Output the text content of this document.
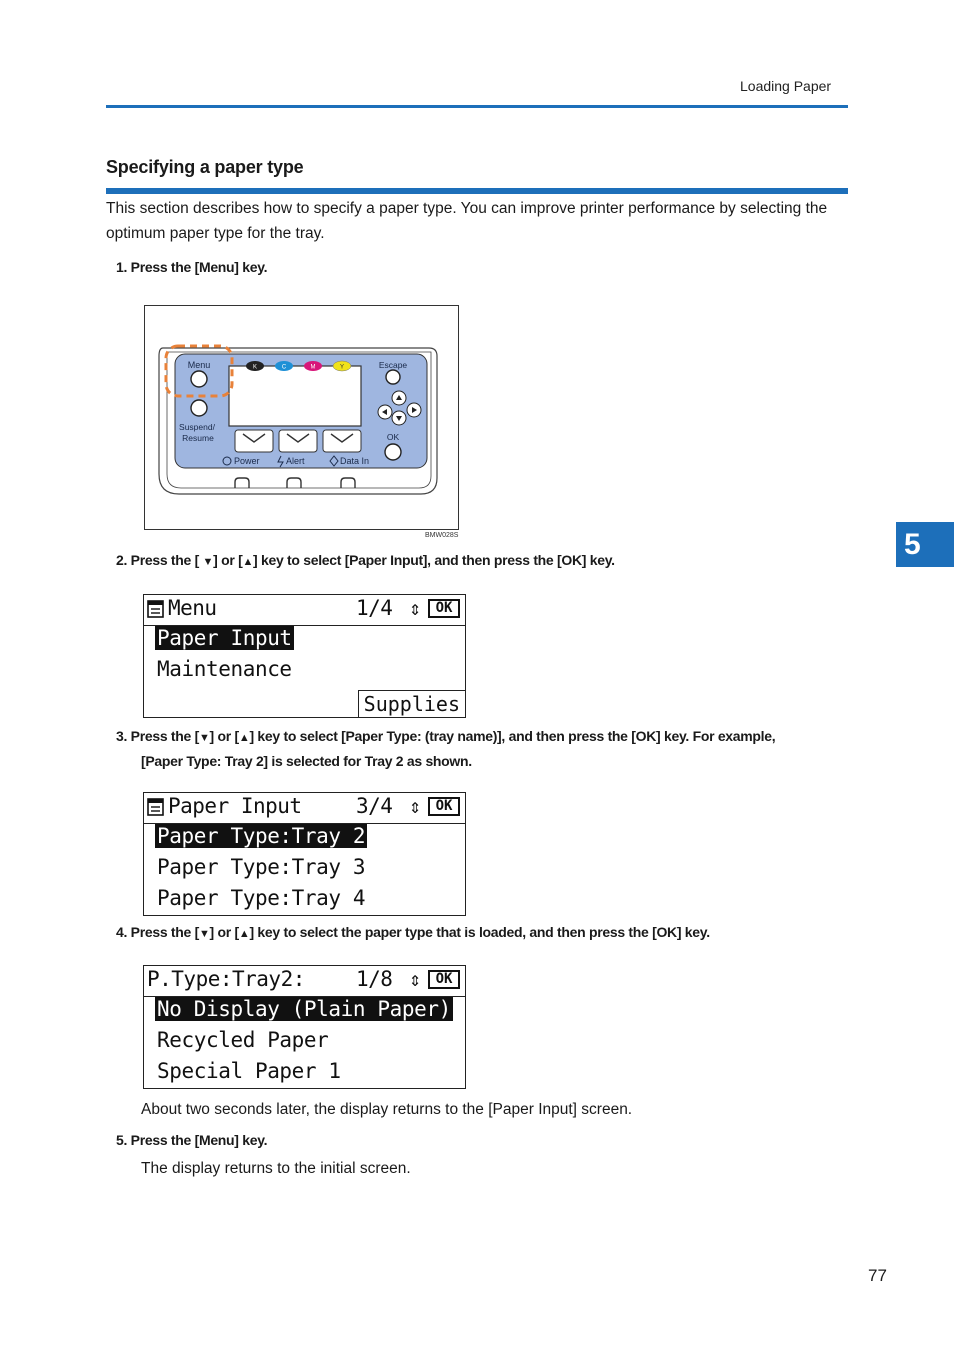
Loading Paper
Specifying a paper type
This section describes how to specify a paper type. You can improve printer performance by selecting the optimum paper type for the tray.
1. Press the [Menu] key.
K	C	M	Y
Menu
Suspend/
Resume
Escape
OK
Power	Alert	Data In
BMW028S
2. Press the [ ▼] or [▲] key to select [Paper Input], and then press the [OK] key.
Menu	1/4 ⇕	OK
Paper Input
Maintenance
Supplies
3. Press the [▼] or [▲] key to select [Paper Type: (tray name)], and then press the [OK] key. For example,
[Paper Type: Tray 2] is selected for Tray 2 as shown.
Paper Input	3/4 ⇕	OK
Paper Type:Tray 2
Paper Type:Tray 3
Paper Type:Tray 4
4. Press the [▼] or [▲] key to select the paper type that is loaded, and then press the [OK] key.
P.Type:Tray2: 1/8 ⇕	OK
No Display (Plain Paper)
Recycled Paper
Special Paper 1
About two seconds later, the display returns to the [Paper Input] screen.
5. Press the [Menu] key.
The display returns to the initial screen.
5
77
